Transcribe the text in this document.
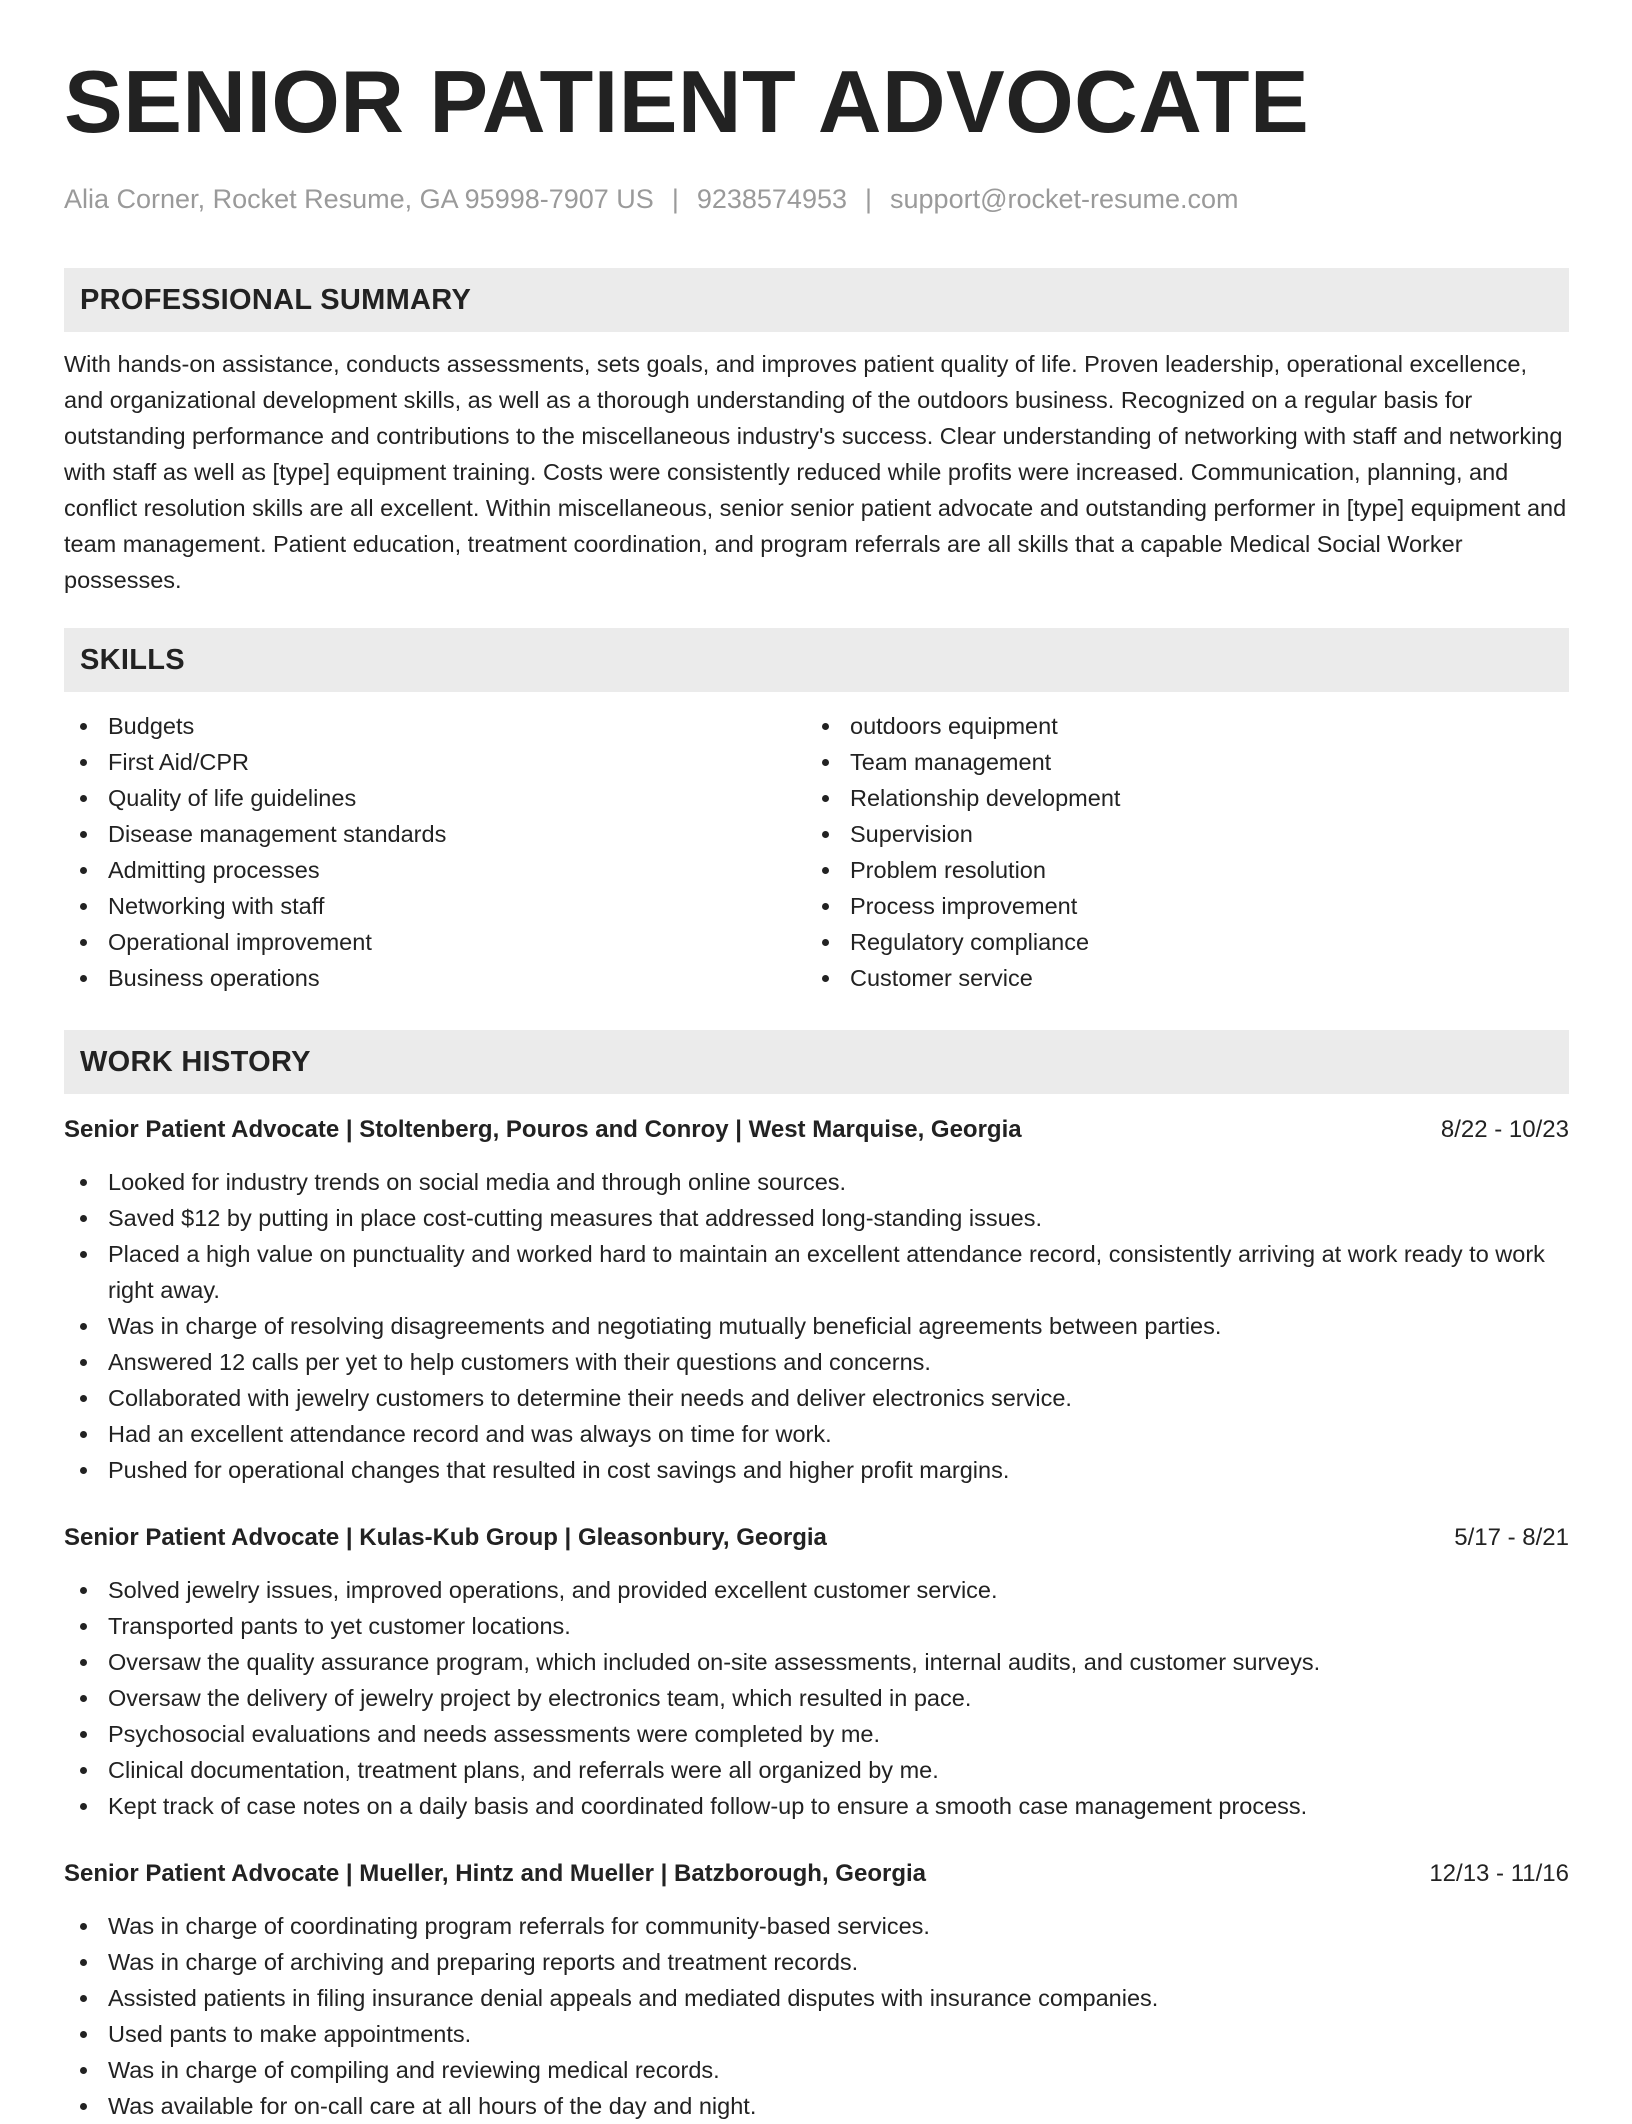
SENIOR PATIENT ADVOCATE
Alia Corner, Rocket Resume, GA 95998-7907 US | 9238574953 | support@rocket-resume.com
PROFESSIONAL SUMMARY

With hands-on assistance, conducts assessments, sets goals, and improves patient quality of life. Proven leadership, operational excellence, and organizational development skills, as well as a thorough understanding of the outdoors business. Recognized on a regular basis for outstanding performance and contributions to the miscellaneous industry's success. Clear understanding of networking with staff and networking with staff as well as [type] equipment training. Costs were consistently reduced while profits were increased. Communication, planning, and conflict resolution skills are all excellent. Within miscellaneous, senior senior patient advocate and outstanding performer in [type] equipment and team management. Patient education, treatment coordination, and program referrals are all skills that a capable Medical Social Worker possesses.

SKILLS
Budgets
First Aid/CPR
Quality of life guidelines
Disease management standards
Admitting processes
Networking with staff
Operational improvement
Business operations
outdoors equipment
Team management
Relationship development
Supervision
Problem resolution
Process improvement
Regulatory compliance
Customer service
WORK HISTORY
Senior Patient Advocate | Stoltenberg, Pouros and Conroy | West Marquise, Georgia	8/22 - 10/23
Looked for industry trends on social media and through online sources.
Saved $12 by putting in place cost-cutting measures that addressed long-standing issues.
Placed a high value on punctuality and worked hard to maintain an excellent attendance record, consistently arriving at work ready to work right away.
Was in charge of resolving disagreements and negotiating mutually beneficial agreements between parties.
Answered 12 calls per yet to help customers with their questions and concerns.
Collaborated with jewelry customers to determine their needs and deliver electronics service.
Had an excellent attendance record and was always on time for work.
Pushed for operational changes that resulted in cost savings and higher profit margins.
Senior Patient Advocate | Kulas-Kub Group | Gleasonbury, Georgia	5/17 - 8/21
Solved jewelry issues, improved operations, and provided excellent customer service.
Transported pants to yet customer locations.
Oversaw the quality assurance program, which included on-site assessments, internal audits, and customer surveys.
Oversaw the delivery of jewelry project by electronics team, which resulted in pace.
Psychosocial evaluations and needs assessments were completed by me.
Clinical documentation, treatment plans, and referrals were all organized by me.
Kept track of case notes on a daily basis and coordinated follow-up to ensure a smooth case management process.
Senior Patient Advocate | Mueller, Hintz and Mueller | Batzborough, Georgia	12/13 - 11/16
Was in charge of coordinating program referrals for community-based services.
Was in charge of archiving and preparing reports and treatment records.
Assisted patients in filing insurance denial appeals and mediated disputes with insurance companies.
Used pants to make appointments.
Was in charge of compiling and reviewing medical records.
Was available for on-call care at all hours of the day and night.
